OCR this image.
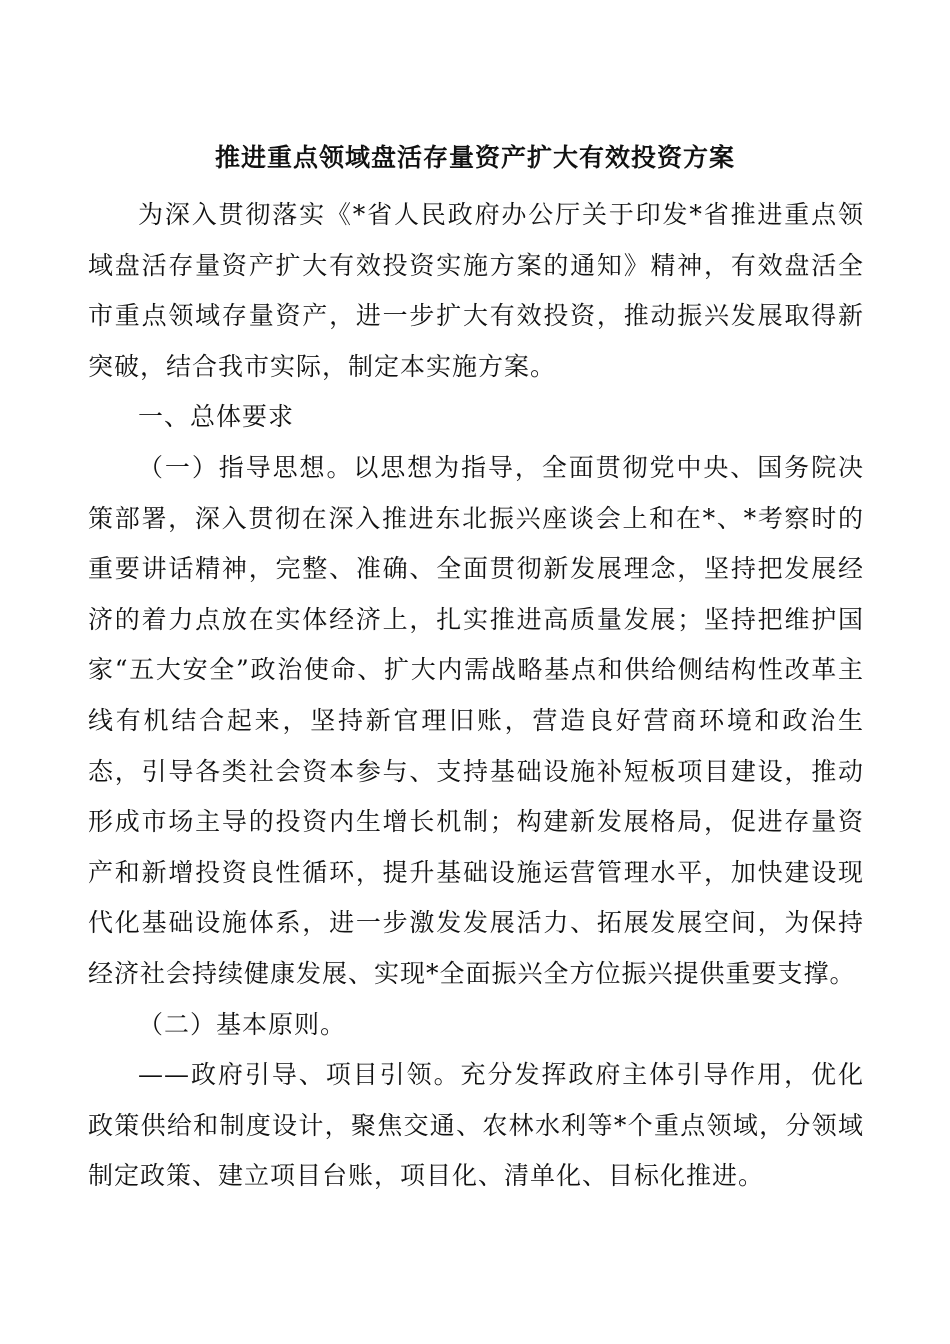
推进重点领域盘活存量资产扩大有效投资方案

为深入贯彻落实《*省人民政府办公厅关于印发*省推进重点领域盘活存量资产扩大有效投资实施方案的通知》精神，有效盘活全市重点领域存量资产，进一步扩大有效投资，推动振兴发展取得新突破，结合我市实际，制定本实施方案。

一、总体要求

（一）指导思想。以思想为指导，全面贯彻党中央、国务院决策部署，深入贯彻在深入推进东北振兴座谈会上和在*、*考察时的重要讲话精神，完整、准确、全面贯彻新发展理念，坚持把发展经济的着力点放在实体经济上，扎实推进高质量发展；坚持把维护国家“五大安全”政治使命、扩大内需战略基点和供给侧结构性改革主线有机结合起来，坚持新官理旧账，营造良好营商环境和政治生态，引导各类社会资本参与、支持基础设施补短板项目建设，推动形成市场主导的投资内生增长机制；构建新发展格局，促进存量资产和新增投资良性循环，提升基础设施运营管理水平，加快建设现代化基础设施体系，进一步激发发展活力、拓展发展空间，为保持经济社会持续健康发展、实现*全面振兴全方位振兴提供重要支撑。

（二）基本原则。

——政府引导、项目引领。充分发挥政府主体引导作用，优化政策供给和制度设计，聚焦交通、农林水利等*个重点领域，分领域制定政策、建立项目台账，项目化、清单化、目标化推进。
